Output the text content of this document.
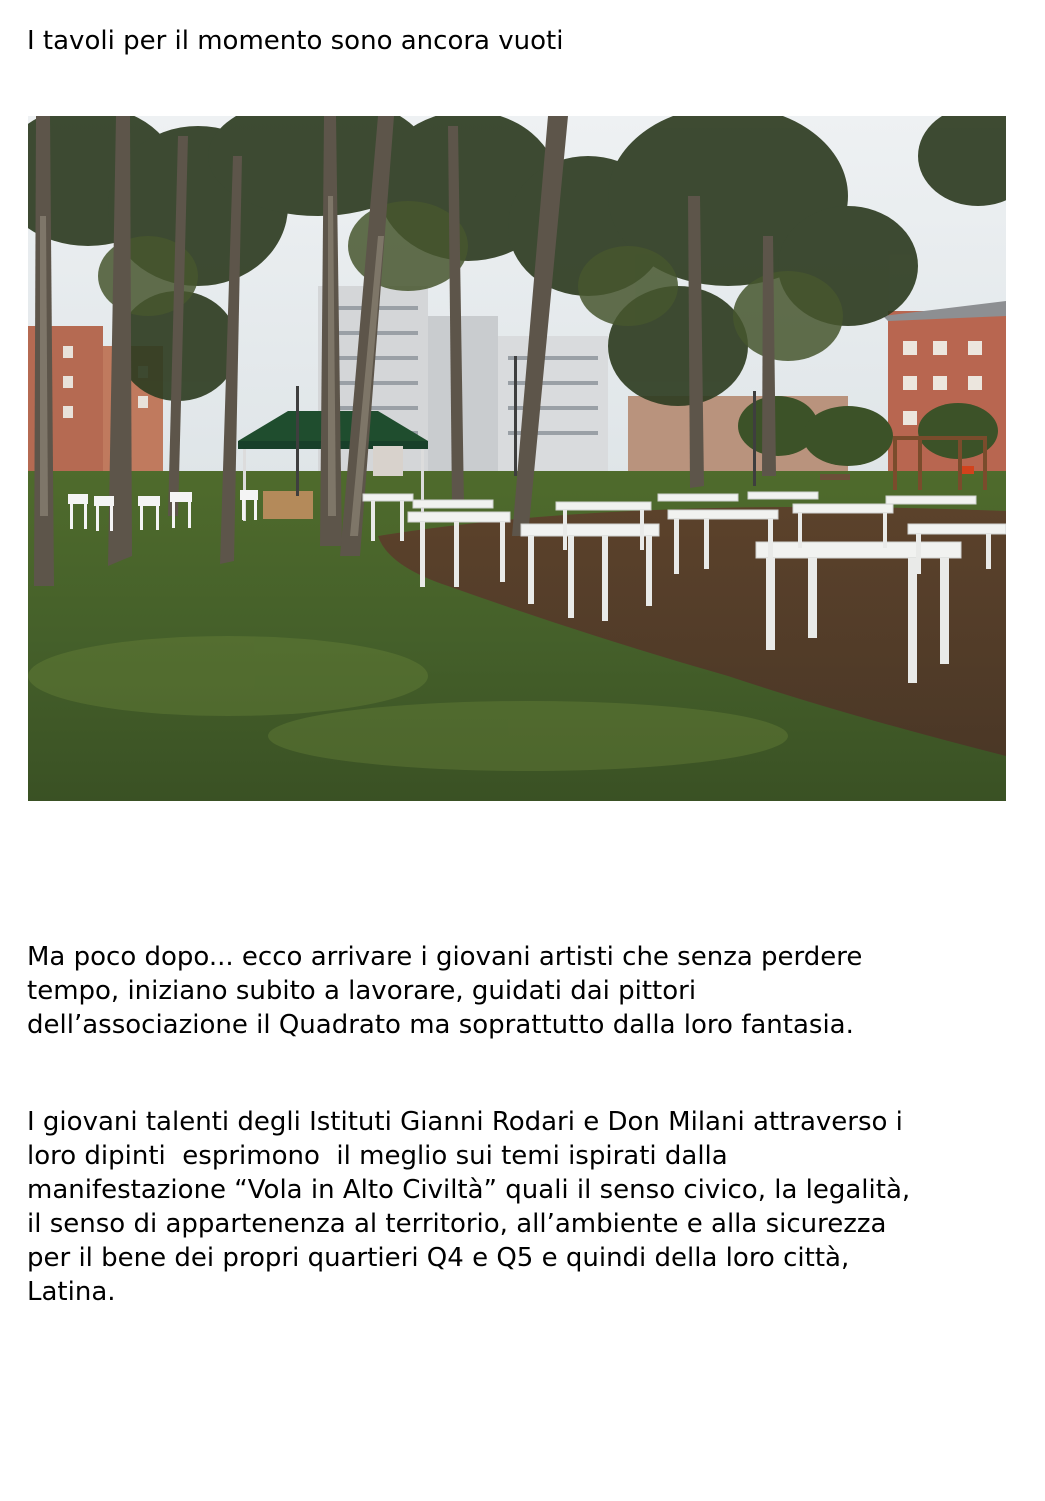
I tavoli per il momento sono ancora vuoti

Ma poco dopo... ecco arrivare i giovani artisti che senza perdere
tempo, iniziano subito a lavorare, guidati dai pittori
dell’associazione il Quadrato ma soprattutto dalla loro fantasia.
I giovani talenti degli Istituti Gianni Rodari e Don Milani attraverso i
loro dipinti  esprimono  il meglio sui temi ispirati dalla
manifestazione “Vola in Alto Civiltà” quali il senso civico, la legalità,
il senso di appartenenza al territorio, all’ambiente e alla sicurezza
per il bene dei propri quartieri Q4 e Q5 e quindi della loro città,
Latina.
